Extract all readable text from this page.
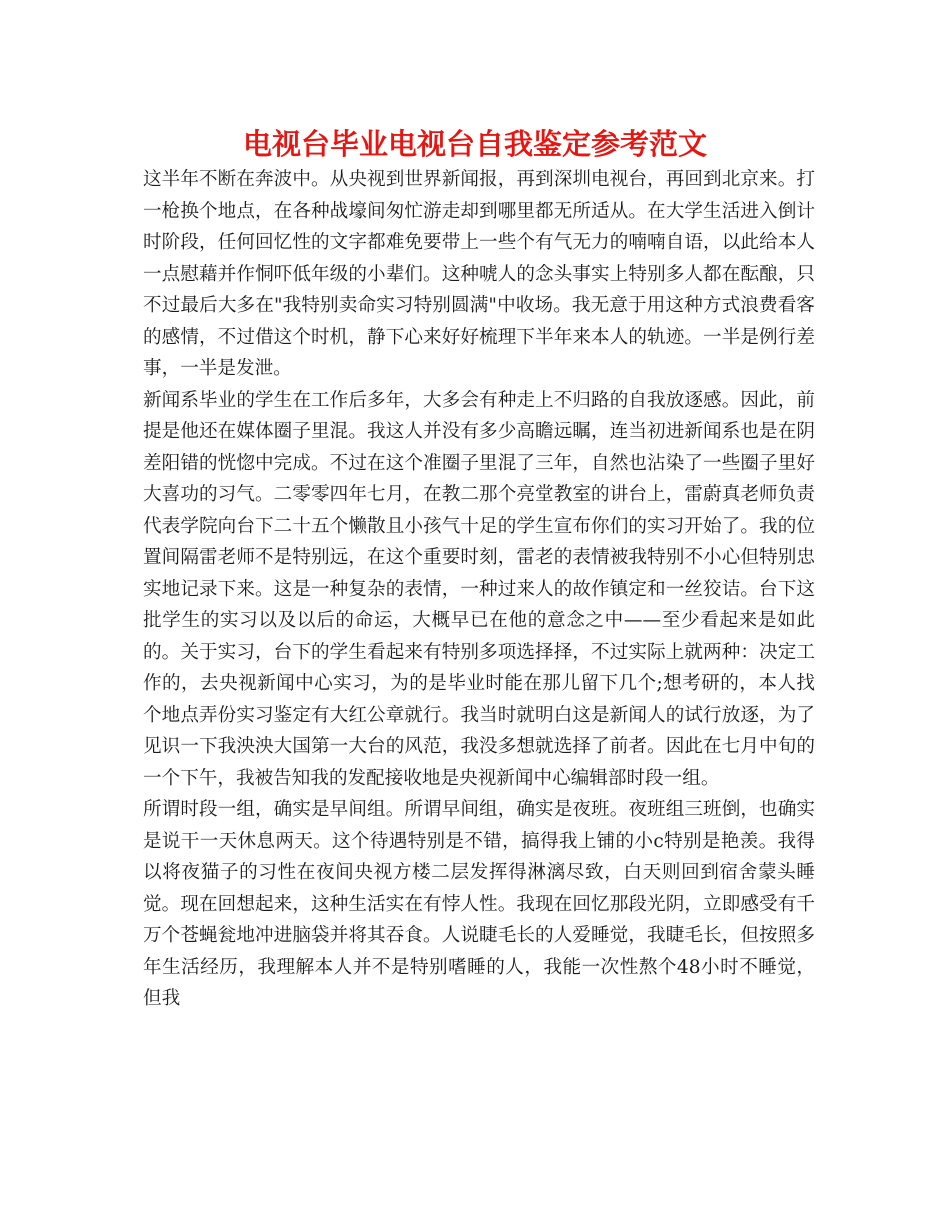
电视台毕业电视台自我鉴定参考范文

这半年不断在奔波中。从央视到世界新闻报，再到深圳电视台，再回到北京来。打一枪换个地点，在各种战壕间匆忙游走却到哪里都无所适从。在大学生活进入倒计时阶段，任何回忆性的文字都难免要带上一些个有气无力的喃喃自语，以此给本人一点慰藉并作恫吓低年级的小辈们。这种唬人的念头事实上特别多人都在酝酿，只不过最后大多在"我特别卖命实习特别圆满"中收场。我无意于用这种方式浪费看客的感情，不过借这个时机，静下心来好好梳理下半年来本人的轨迹。一半是例行差事，一半是发泄。

新闻系毕业的学生在工作后多年，大多会有种走上不归路的自我放逐感。因此，前提是他还在媒体圈子里混。我这人并没有多少高瞻远瞩，连当初进新闻系也是在阴差阳错的恍惚中完成。不过在这个准圈子里混了三年，自然也沾染了一些圈子里好大喜功的习气。二零零四年七月，在教二那个亮堂教室的讲台上，雷蔚真老师负责代表学院向台下二十五个懒散且小孩气十足的学生宣布你们的实习开始了。我的位置间隔雷老师不是特别远，在这个重要时刻，雷老的表情被我特别不小心但特别忠实地记录下来。这是一种复杂的表情，一种过来人的故作镇定和一丝狡诘。台下这批学生的实习以及以后的命运，大概早已在他的意念之中——至少看起来是如此的。关于实习，台下的学生看起来有特别多项选择择，不过实际上就两种：决定工作的，去央视新闻中心实习，为的是毕业时能在那儿留下几个;想考研的，本人找个地点弄份实习鉴定有大红公章就行。我当时就明白这是新闻人的试行放逐，为了见识一下我泱泱大国第一大台的风范，我没多想就选择了前者。因此在七月中旬的一个下午，我被告知我的发配接收地是央视新闻中心编辑部时段一组。

所谓时段一组，确实是早间组。所谓早间组，确实是夜班。夜班组三班倒，也确实是说干一天休息两天。这个待遇特别是不错，搞得我上铺的小c特别是艳羡。我得以将夜猫子的习性在夜间央视方楼二层发挥得淋漓尽致，白天则回到宿舍蒙头睡觉。现在回想起来，这种生活实在有悖人性。我现在回忆那段光阴，立即感受有千万个苍蝇瓮地冲进脑袋并将其吞食。人说睫毛长的人爱睡觉，我睫毛长，但按照多年生活经历，我理解本人并不是特别嗜睡的人，我能一次性熬个48小时不睡觉，但我
